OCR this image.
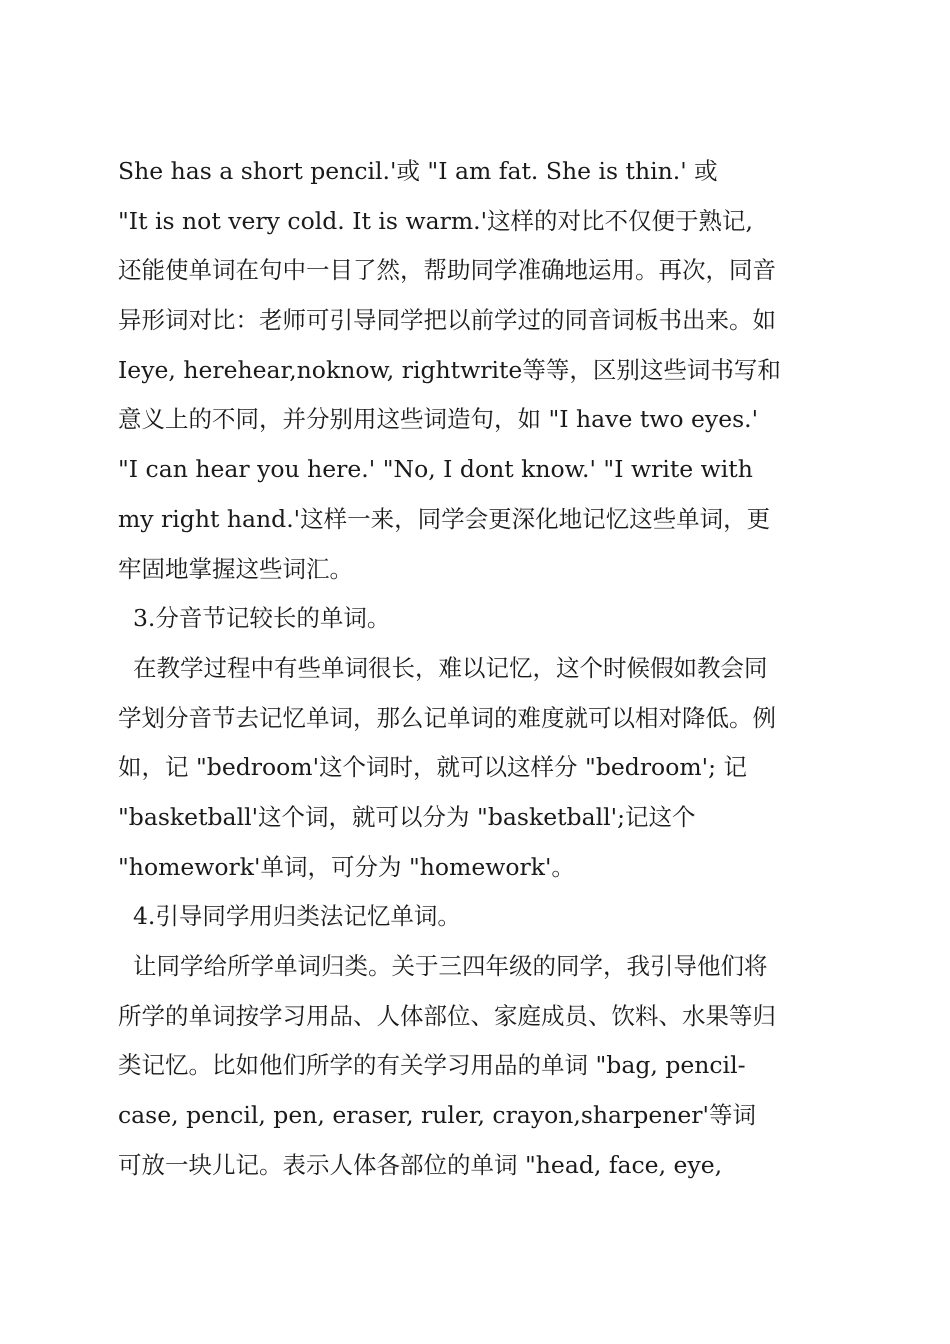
She has a short pencil.'或 "I am fat. She is thin.' 或
"It is not very cold. It is warm.'这样的对比不仅便于熟记,
还能使单词在句中一目了然，帮助同学准确地运用。再次，同音
异形词对比：老师可引导同学把以前学过的同音词板书出来。如
Ieye, herehear,noknow, rightwrite等等，区别这些词书写和
意义上的不同，并分别用这些词造句，如 "I have two eyes.'
"I can hear you here.' "No, I dont know.' "I write with
my right hand.'这样一来，同学会更深化地记忆这些单词，更
牢固地掌握这些词汇。
3.分音节记较长的单词。
在教学过程中有些单词很长，难以记忆，这个时候假如教会同
学划分音节去记忆单词，那么记单词的难度就可以相对降低。例
如，记 "bedroom'这个词时，就可以这样分 "bedroom'; 记
"basketball'这个词，就可以分为 "basketball';记这个
"homework'单词，可分为 "homework'。
4.引导同学用归类法记忆单词。
让同学给所学单词归类。关于三四年级的同学，我引导他们将
所学的单词按学习用品、人体部位、家庭成员、饮料、水果等归
类记忆。比如他们所学的有关学习用品的单词 "bag, pencil-
case, pencil, pen, eraser, ruler, crayon,sharpener'等词
可放一块儿记。表示人体各部位的单词 "head, face, eye,
